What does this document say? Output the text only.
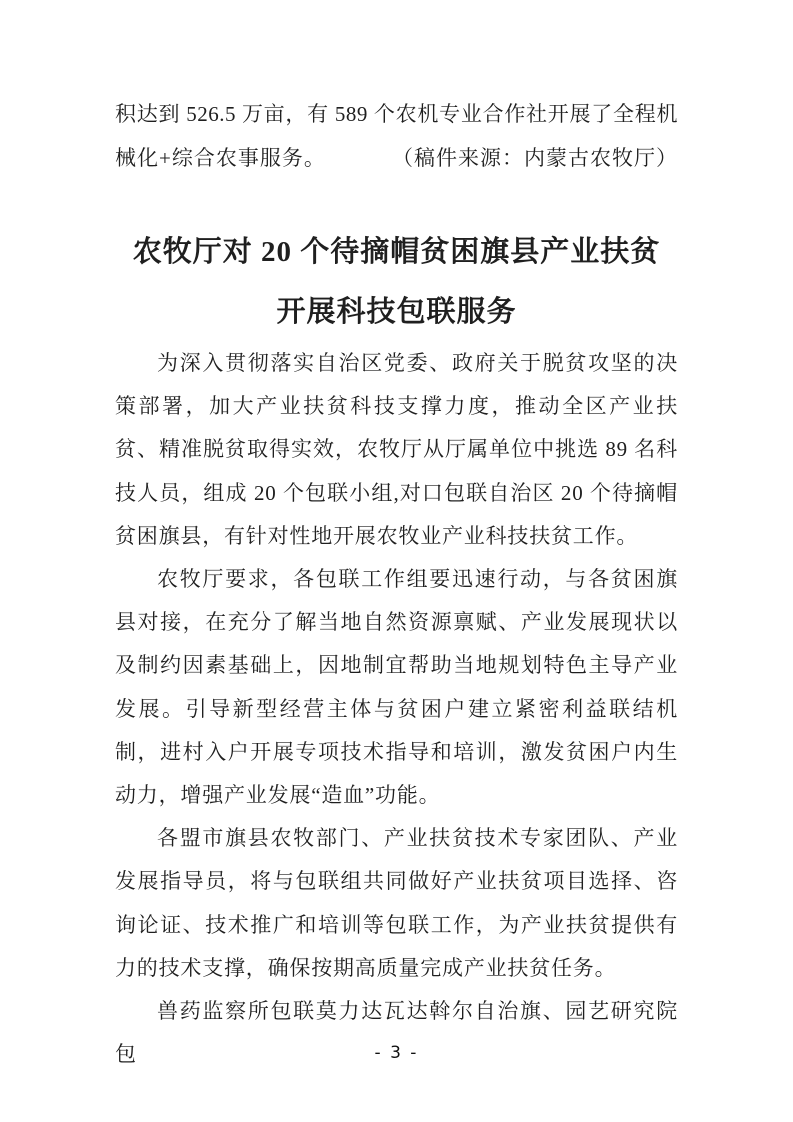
积达到 526.5 万亩，有 589 个农机专业合作社开展了全程机
械化+综合农事服务。	（稿件来源：内蒙古农牧厅）
农牧厅对 20 个待摘帽贫困旗县产业扶贫
开展科技包联服务

为深入贯彻落实自治区党委、政府关于脱贫攻坚的决策部署，加大产业扶贫科技支撑力度，推动全区产业扶贫、精准脱贫取得实效，农牧厅从厅属单位中挑选 89 名科技人员，组成 20 个包联小组,对口包联自治区 20 个待摘帽贫困旗县，有针对性地开展农牧业产业科技扶贫工作。

农牧厅要求，各包联工作组要迅速行动，与各贫困旗县对接，在充分了解当地自然资源禀赋、产业发展现状以及制约因素基础上，因地制宜帮助当地规划特色主导产业发展。引导新型经营主体与贫困户建立紧密利益联结机制，进村入户开展专项技术指导和培训，激发贫困户内生动力，增强产业发展“造血”功能。

各盟市旗县农牧部门、产业扶贫技术专家团队、产业发展指导员，将与包联组共同做好产业扶贫项目选择、咨询论证、技术推广和培训等包联工作，为产业扶贫提供有力的技术支撑，确保按期高质量完成产业扶贫任务。

兽药监察所包联莫力达瓦达斡尔自治旗、园艺研究院包	- 3 -
